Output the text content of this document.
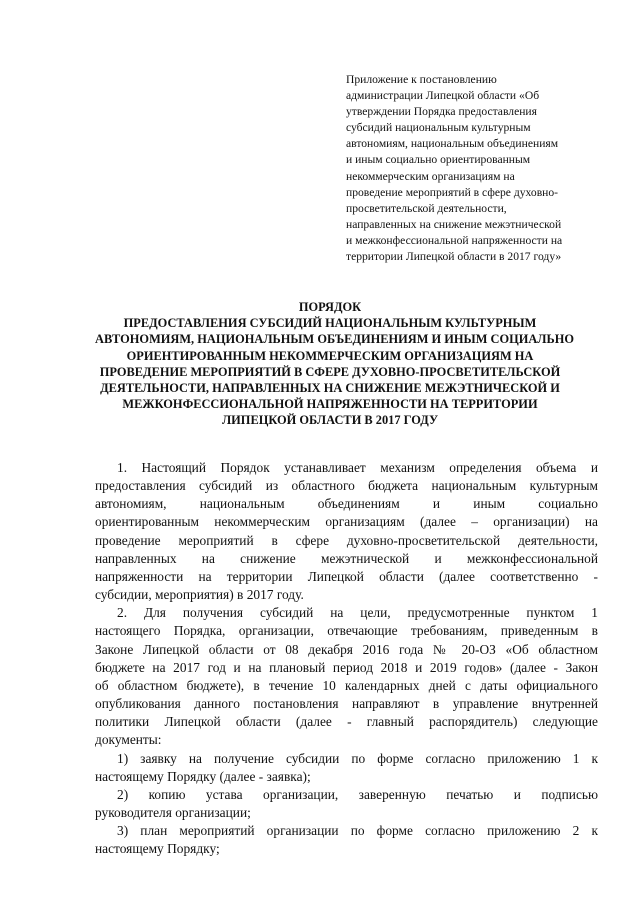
Приложение к постановлению
администрации Липецкой области «Об
утверждении Порядка предоставления
субсидий национальным культурным
автономиям, национальным объединениям
и иным социально ориентированным
некоммерческим организациям на
проведение мероприятий в сфере духовно-
просветительской деятельности,
направленных на снижение межэтнической
и межконфессиональной напряженности на
территории Липецкой области в 2017 году»
ПОРЯДОК
ПРЕДОСТАВЛЕНИЯ СУБСИДИЙ НАЦИОНАЛЬНЫМ КУЛЬТУРНЫМ
АВТОНОМИЯМ, НАЦИОНАЛЬНЫМ ОБЪЕДИНЕНИЯМ И ИНЫМ СОЦИАЛЬНО
ОРИЕНТИРОВАННЫМ НЕКОММЕРЧЕСКИМ ОРГАНИЗАЦИЯМ НА
ПРОВЕДЕНИЕ МЕРОПРИЯТИЙ В СФЕРЕ ДУХОВНО-ПРОСВЕТИТЕЛЬСКОЙ
ДЕЯТЕЛЬНОСТИ, НАПРАВЛЕННЫХ НА СНИЖЕНИЕ МЕЖЭТНИЧЕСКОЙ И
МЕЖКОНФЕССИОНАЛЬНОЙ НАПРЯЖЕННОСТИ НА ТЕРРИТОРИИ
ЛИПЕЦКОЙ ОБЛАСТИ В 2017 ГОДУ

1. Настоящий Порядок устанавливает механизм определения объема и
предоставления субсидий из областного бюджета национальным культурным
автономиям, национальным объединениям и иным социально
ориентированным некоммерческим организациям (далее – организации) на
проведение мероприятий в сфере духовно-просветительской деятельности,
направленных на снижение межэтнической и межконфессиональной
напряженности на территории Липецкой области (далее соответственно -
субсидии, мероприятия) в 2017 году.

2. Для получения субсидий на цели, предусмотренные пунктом 1
настоящего Порядка, организации, отвечающие требованиям, приведенным в
Законе Липецкой области от 08 декабря 2016 года № 20-ОЗ «Об областном
бюджете на 2017 год и на плановый период 2018 и 2019 годов» (далее - Закон
об областном бюджете), в течение 10 календарных дней с даты официального
опубликования данного постановления направляют в управление внутренней
политики Липецкой области (далее - главный распорядитель) следующие
документы:

1) заявку на получение субсидии по форме согласно приложению 1 к
настоящему Порядку (далее - заявка);

2) копию устава организации, заверенную печатью и подписью
руководителя организации;

3) план мероприятий организации по форме согласно приложению 2 к
настоящему Порядку;
